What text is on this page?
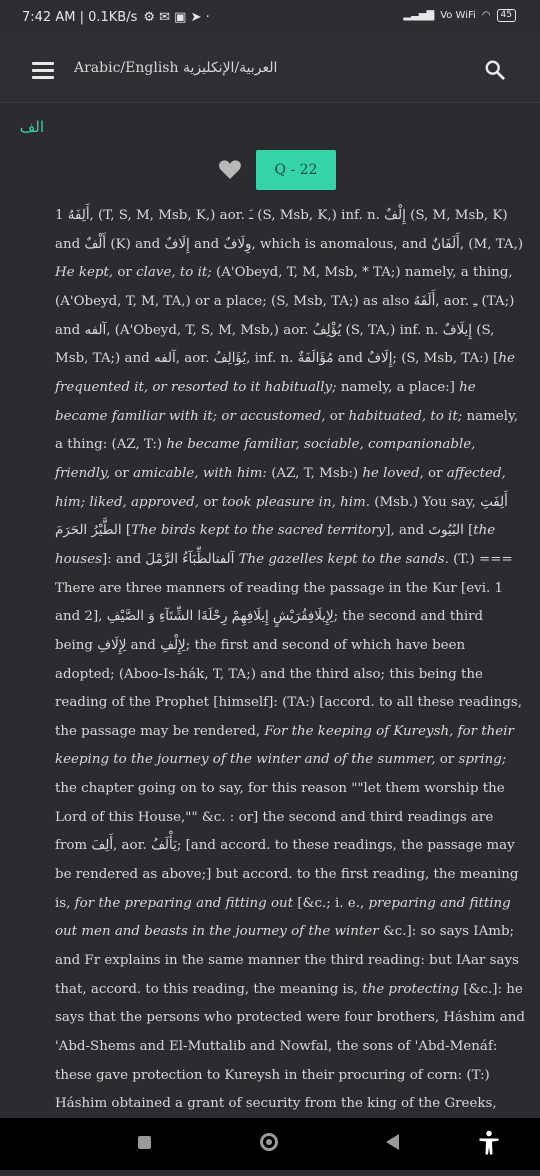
7:42 AM | 0.1KB/s ⚙ ✉ ▣ ➤ ·	▂▃▅▇ Vo WiFi ◠	45
Arabic/English العربية/الإنكليزية
الف
Q - 22

1 أَلِفَهُ, (T, S, M, Msb, K,) aor. ـَ (S, Msb, K,) inf. n. إِلْفٌ (S, M, Msb, K) and أَلْفٌ (K) and إِلَافٌ and وِلَافٌ, which is anomalous, and أَلَفَانٌ, (M, TA,) He kept, or clave, to it; (A'Obeyd, T, M, Msb, * TA;) namely, a thing, (A'Obeyd, T, M, TA,) or a place; (S, Msb, TA;) as also أَلَفَهُ, aor. ـِ (TA;) and آلفه, (A'Obeyd, T, S, M, Msb,) aor. يُؤْلِفُ (S, TA,) inf. n. إِيلَافٌ (S, Msb, TA;) and آلفه, aor. يُؤَالِفُ, inf. n. مُؤَالَفَةٌ and إِلَافٌ; (S, Msb, TA:) [he frequented it, or resorted to it habitually; namely, a place:] he became familiar with it; or accustomed, or habituated, to it; namely, a thing: (AZ, T:) he became familiar, sociable, companionable, friendly, or amicable, with him: (AZ, T, Msb:) he loved, or affected, him; liked, approved, or took pleasure in, him. (Msb.) You say, أَلِفَتِ الطَّيْرُ الحَرَمَ [The birds kept to the sacred territory], and البُيُوتَ [the houses]: and آلفتالظِّبَآءُ الرَّمْلَ The gazelles kept to the sands. (T.) === There are three manners of reading the passage in the Kur [evi. 1 and 2], لِإِيلَافِقُرَيْشٍ إِيلَافِهِمْ رِحْلَةَا الشِّتَآءِ وَ الصَّيْفِ; the second and third being لِإِلَافِ and لِإِلْفِ; the first and second of which have been adopted; (Aboo-Is-hák, T, TA;) and the third also; this being the reading of the Prophet [himself]: (TA:) [accord. to all these readings, the passage may be rendered, For the keeping of Kureysh, for their keeping to the journey of the winter and of the summer, or spring; the chapter going on to say, for this reason ""let them worship the Lord of this House,"" &c. : or] the second and third readings are from أَلِفَ, aor. يَأْلَفُ; [and accord. to these readings, the passage may be rendered as above;] but accord. to the first reading, the meaning is, for the preparing and fitting out [&c.; i. e., preparing and fitting out men and beasts in the journey of the winter &c.]: so says IAmb; and Fr explains in the same manner the third reading: but IAar says that, accord. to this reading, the meaning is, the protecting [&c.]: he says that the persons who protected were four brothers, Háshim and 'Abd-Shems and El-Muttalib and Nowfal, the sons of 'Abd-Menáf: these gave protection to Kureysh in their procuring of corn: (T:) Háshim obtained a grant of security from the king of the Greeks,
